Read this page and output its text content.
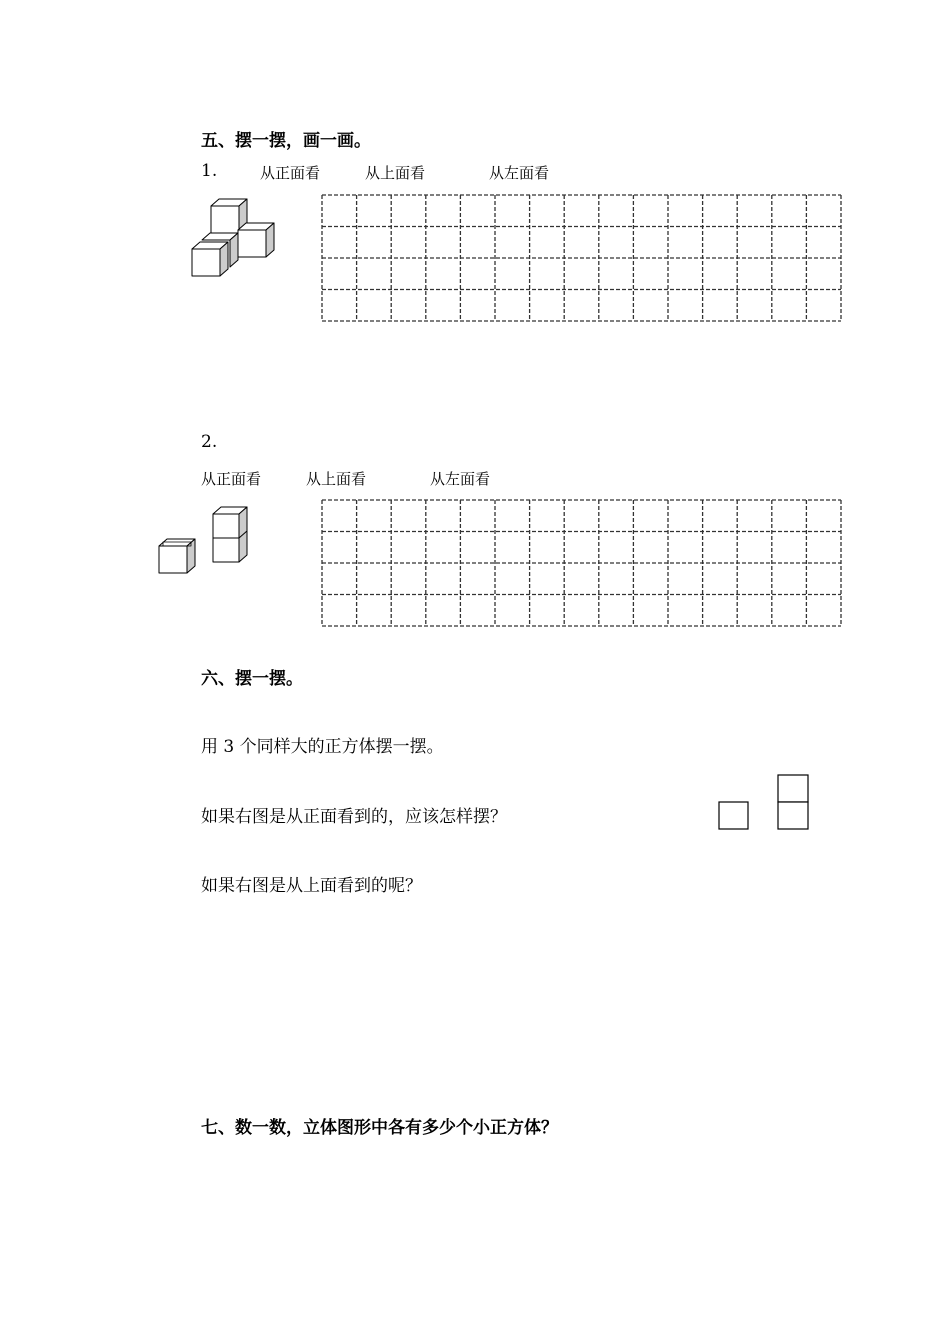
五、摆一摆，画一画。
1.	从正面看	从上面看	从左面看
2.
从正面看	从上面看	从左面看
六、摆一摆。
用 3 个同样大的正方体摆一摆。
如果右图是从正面看到的，应该怎样摆？
如果右图是从上面看到的呢？
七、数一数，立体图形中各有多少个小正方体？
